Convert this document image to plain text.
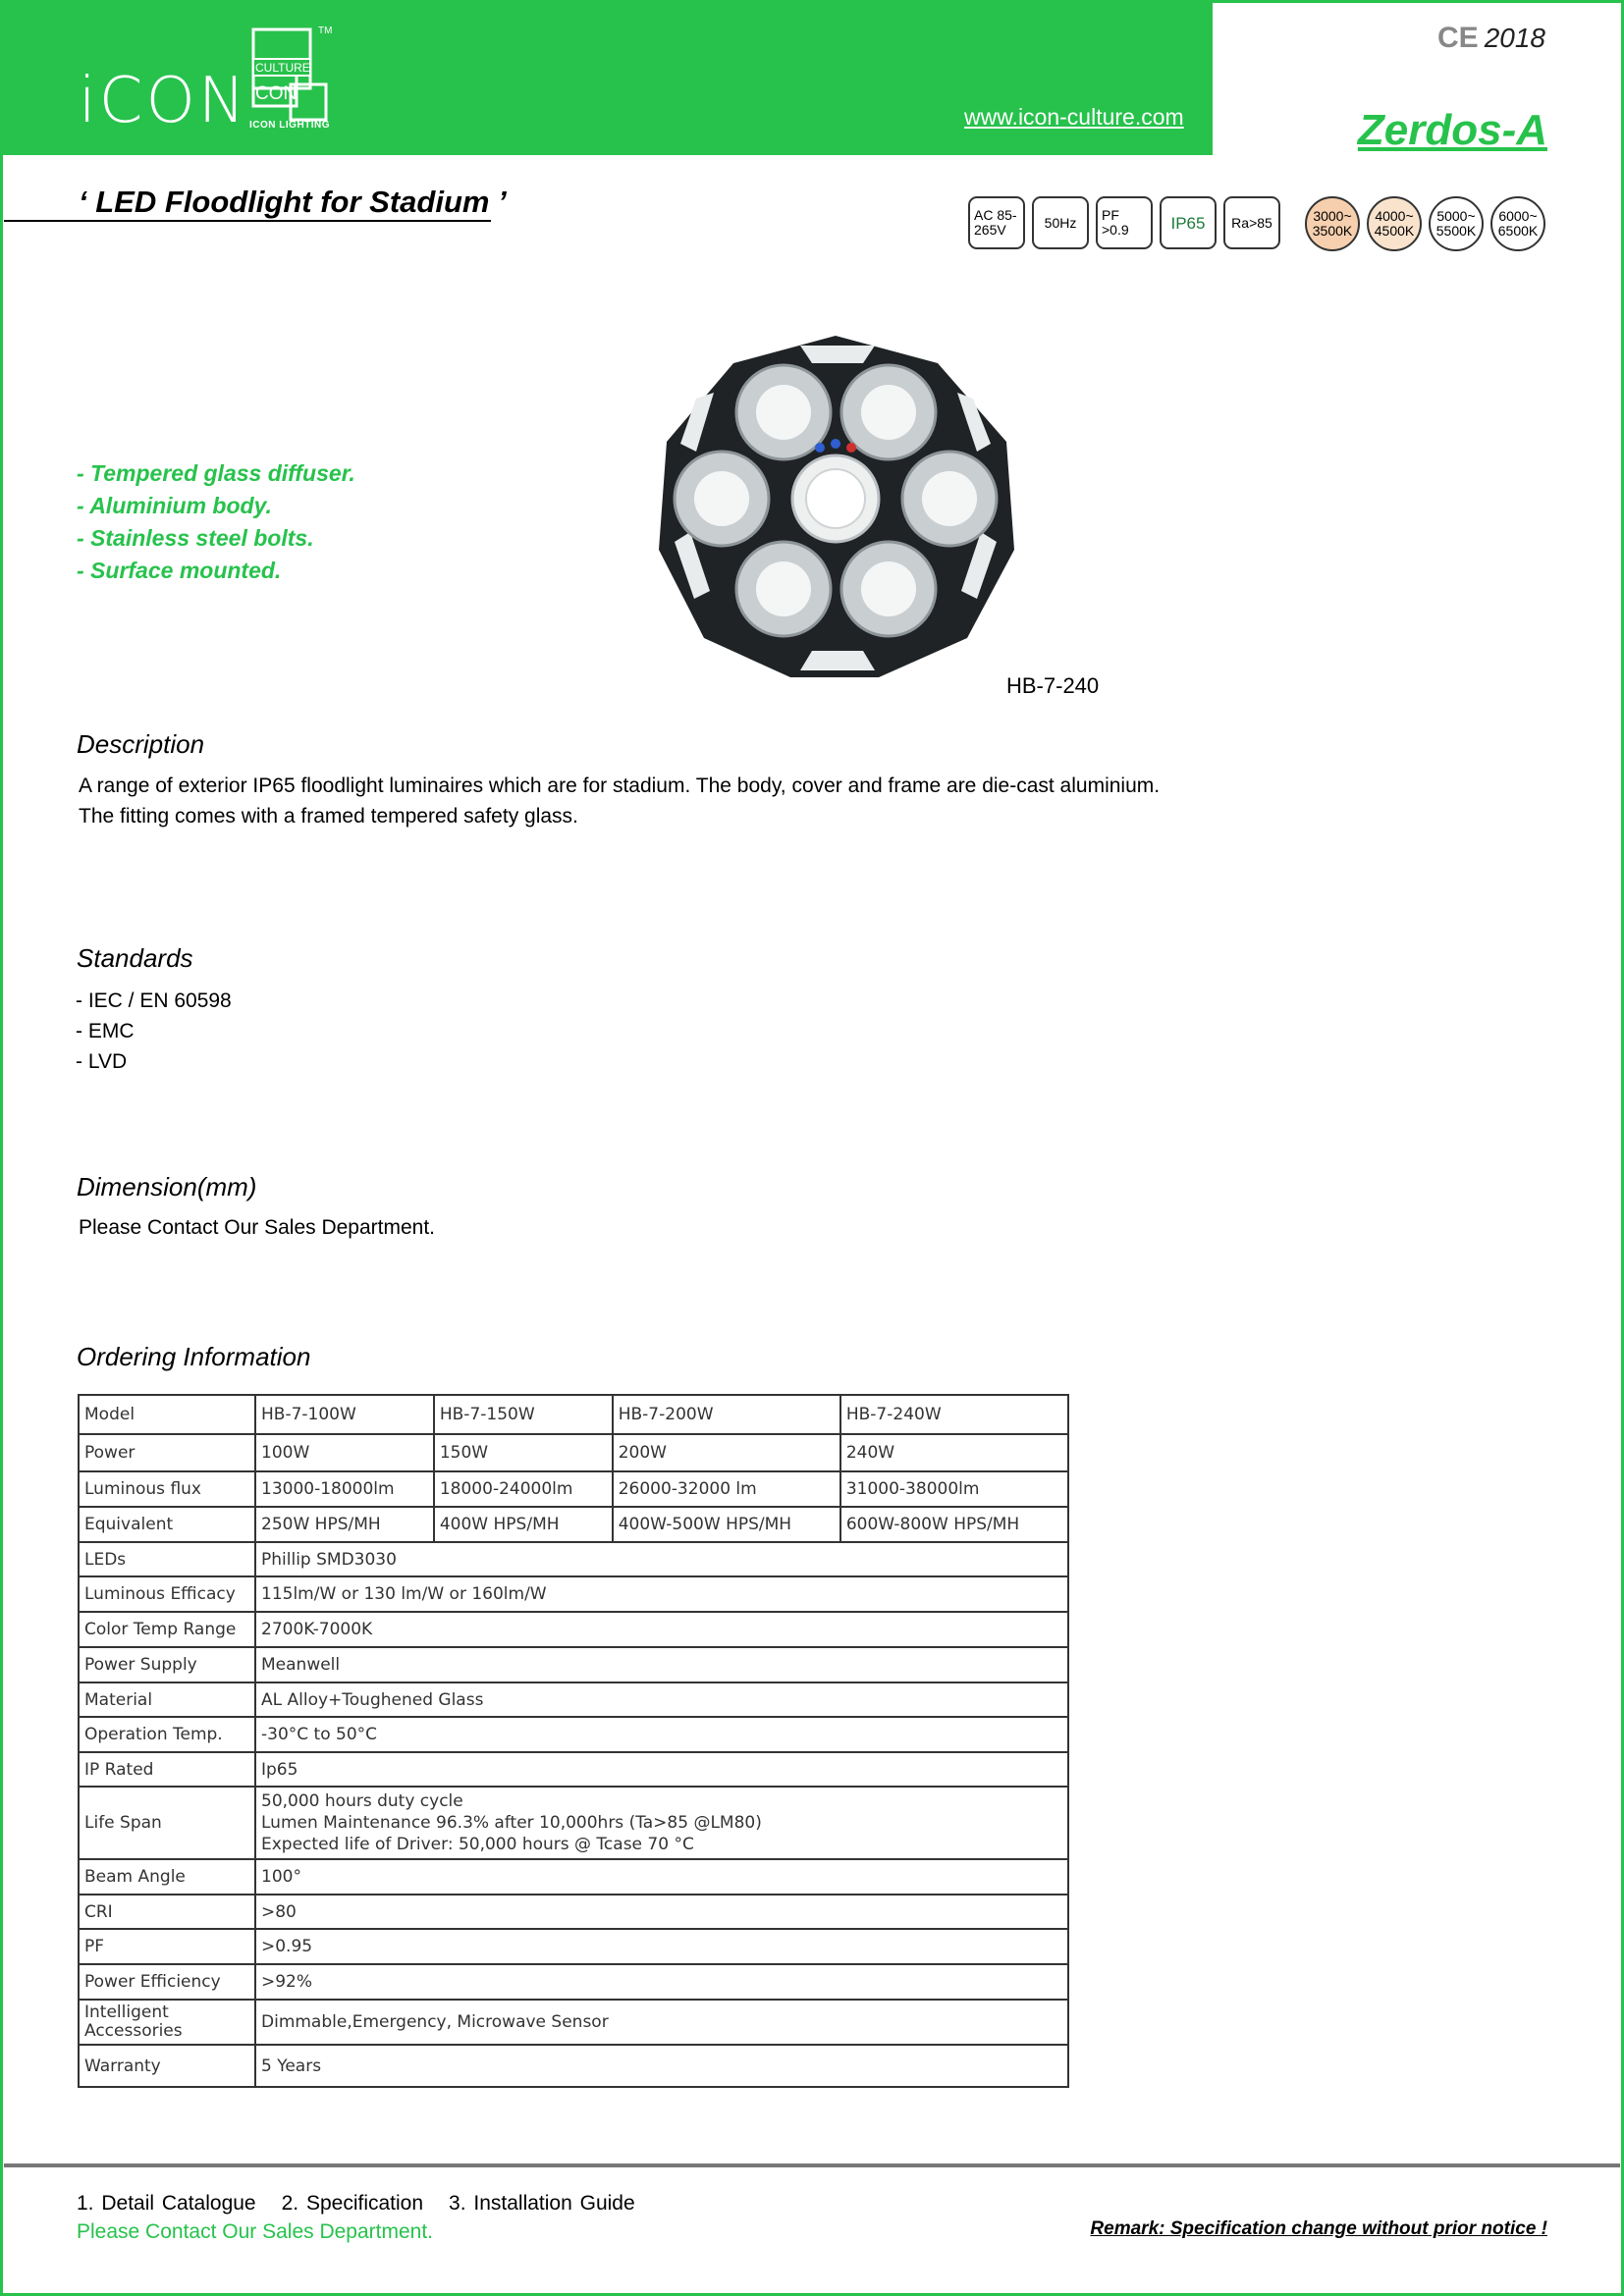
iCON CULTURE
CON
TM
ICON LIGHTING	www.icon-culture.com
CE 2018
Zerdos-A
‘ LED Floodlight for Stadium ’	AC 85-
265V	50Hz PF
>0.9	IP65 Ra>85	3000~
3500K
4000~
4500K
5000~
5500K
6000~
6500K
- Tempered glass diffuser.
- Aluminium body.
- Stainless steel bolts.
- Surface mounted.
HB-7-240
Description
A range of exterior IP65 floodlight luminaires which are for stadium. The body, cover and frame are die-cast aluminium.
The fitting comes with a framed tempered safety glass.
Standards
- IEC / EN 60598
- EMC
- LVD
Dimension(mm)
Please Contact Our Sales Department.
Ordering Information
Model	HB-7-100W	HB-7-150W	HB-7-200W	HB-7-240W
Power	100W	150W	200W	240W
Luminous flux	13000-18000lm	18000-24000lm	26000-32000 lm	31000-38000lm
Equivalent	250W HPS/MH	400W HPS/MH	400W-500W HPS/MH	600W-800W HPS/MH
LEDs	Phillip SMD3030			
Luminous Efficacy	115lm/W or 130 lm/W or 160lm/W			
Color Temp Range	2700K-7000K			
Power Supply	Meanwell			
Material	AL Alloy+Toughened Glass			
Operation Temp.	-30°C to 50°C			
IP Rated	Ip65			
Life Span	50,000 hours duty cycle
Lumen Maintenance 96.3% after 10,000hrs (Ta>85 @LM80)
Expected life of Driver: 50,000 hours @ Tcase 70 °C			

Beam Angle	100°			
CRI	>80			
PF	>0.95			
Power Efficiency	>92%			
Intelligent Accessories	Dimmable,Emergency, Microwave Sensor			
Warranty	5 Years			
1. Detail Catalogue 2. Specification 3. Installation Guide
Please Contact Our Sales Department.	Remark: Specification change without prior notice !
